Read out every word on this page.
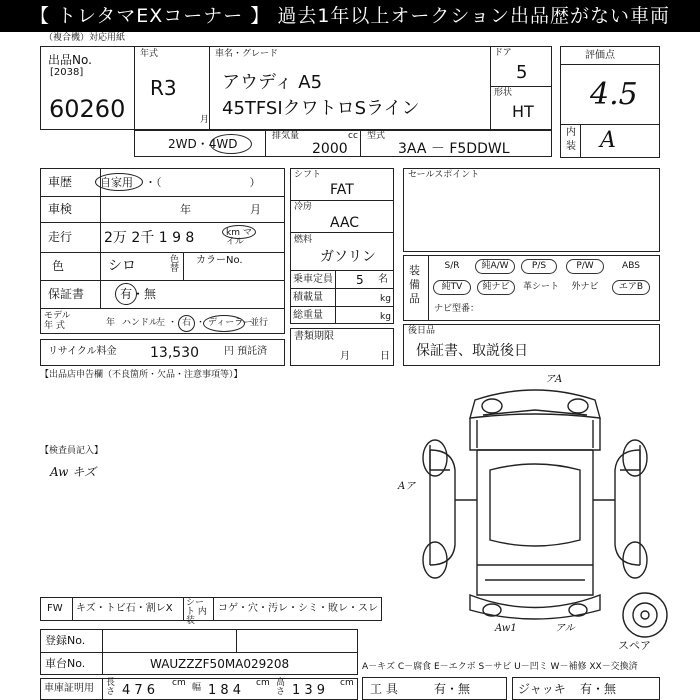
【 トレタマEXコーナー 】 過去1年以上オークション出品歴がない車両
（複合機）対応用紙
出品No.
[2038]
60260
年式
R3
月
車名・グレード
アウディ A5
45TFSIクワトロSライン
ドア
5
形状
HT
評価点
4.5
内
装 A
2WD・4WD
排気量	cc
2000
型式
3AA － F5DDWL
車歴	自家用 ・（　　　　　　　　）
車検	年	月
走行 2万 2千 1 9 8	km マイル
色	シロ	色替
カラーNo.
保証書	有・無
モデル
年 式	年 ハンドル
左 ・ 右 ・ ディーラー
並行
リサイクル料金 13,530	円 預託済
シフト
FAT
冷房
AAC
燃料
ガソリン
乗車定員 5 名
積載量	kg
総重量	kg
書類期限
月	日
セールスポイント
装備品
S/R	純A/W	P/S	P/W	ABS
純TV	純ナビ	革シート	外ナビ	エアB
ナビ型番：
後日品
保証書、取説後日
【出品店申告欄（不良箇所・欠品・注意事項等）】
【検査員記入】
Aw キズ
アA
Aア
Aw1	アル
スペア
FW キズ・トビ石・割レX シート 内装
コゲ・穴・汚レ・シミ・敗レ・スレ
登録No.
車台No.	WAUZZZF50MA029208
車庫証明用 長さ 4 7 6 cm 幅 1 8 4 cm 高さ 1 3 9 cm
A－キズ C－腐食 E－エクボ S－サビ U－凹ミ W－補修 XX－交換済
工 具	有・無	ジャッキ 有・無
